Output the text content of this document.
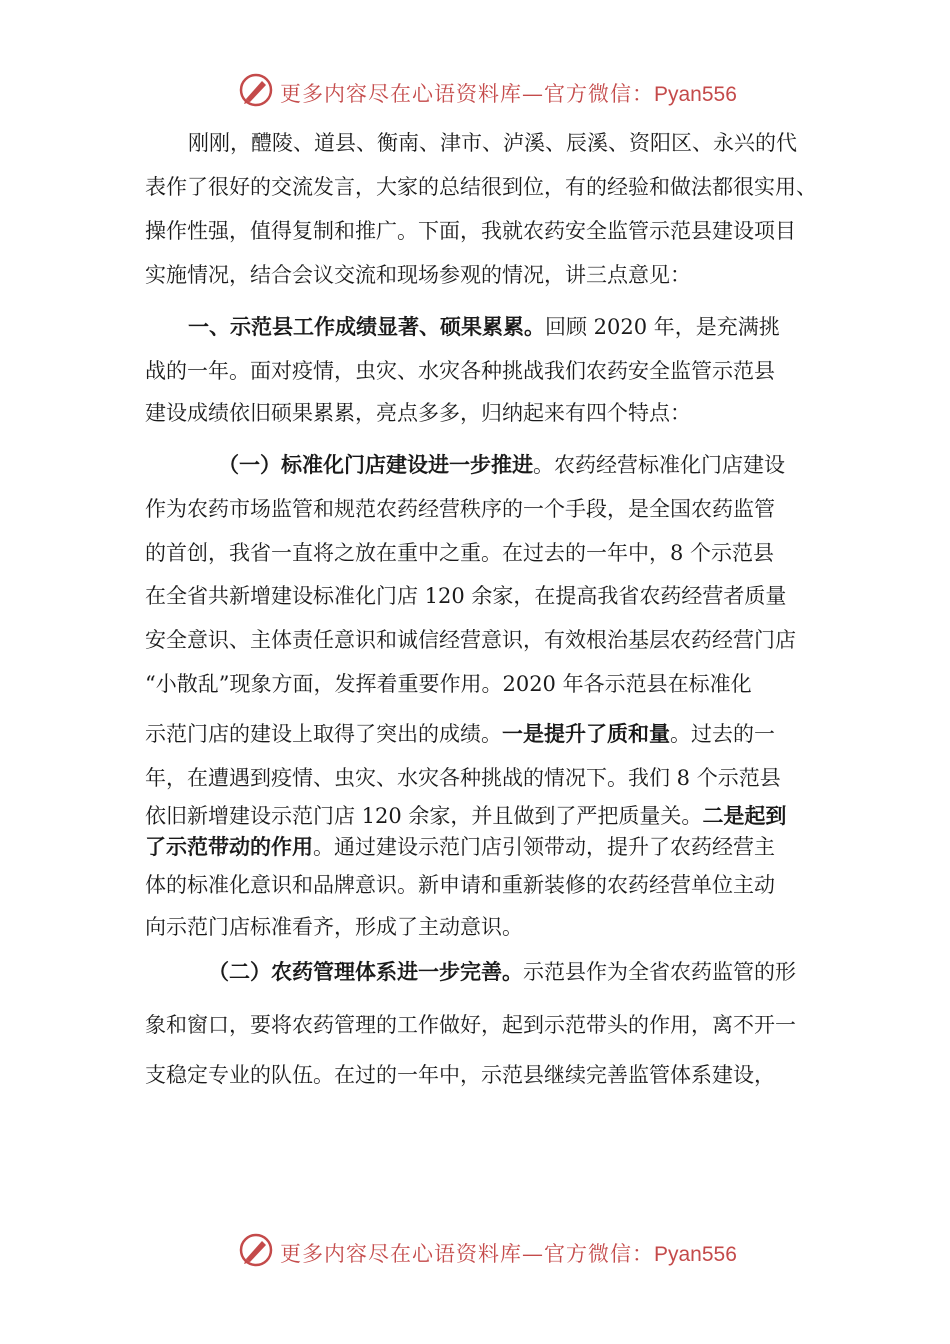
更多内容尽在心语资料库—官方微信：Pyan556
刚刚，醴陵、道县、衡南、津市、泸溪、辰溪、资阳区、永兴的代
表作了很好的交流发言，大家的总结很到位，有的经验和做法都很实用、
操作性强，值得复制和推广。下面，我就农药安全监管示范县建设项目
实施情况，结合会议交流和现场参观的情况，讲三点意见：
一、示范县工作成绩显著、硕果累累。回顾 2020 年，是充满挑
战的一年。面对疫情，虫灾、水灾各种挑战我们农药安全监管示范县
建设成绩依旧硕果累累，亮点多多，归纳起来有四个特点：
（一）标准化门店建设进一步推进。农药经营标准化门店建设
作为农药市场监管和规范农药经营秩序的一个手段，是全国农药监管
的首创，我省一直将之放在重中之重。在过去的一年中，8 个示范县
在全省共新增建设标准化门店 120 余家，在提高我省农药经营者质量
安全意识、主体责任意识和诚信经营意识，有效根治基层农药经营门店
“小散乱”现象方面，发挥着重要作用。2020 年各示范县在标准化
示范门店的建设上取得了突出的成绩。一是提升了质和量。过去的一
年，在遭遇到疫情、虫灾、水灾各种挑战的情况下。我们 8 个示范县
依旧新增建设示范门店 120 余家，并且做到了严把质量关。二是起到
了示范带动的作用。通过建设示范门店引领带动，提升了农药经营主
体的标准化意识和品牌意识。新申请和重新装修的农药经营单位主动
向示范门店标准看齐，形成了主动意识。
（二）农药管理体系进一步完善。示范县作为全省农药监管的形
象和窗口，要将农药管理的工作做好，起到示范带头的作用，离不开一
支稳定专业的队伍。在过的一年中，示范县继续完善监管体系建设，
更多内容尽在心语资料库—官方微信：Pyan556
